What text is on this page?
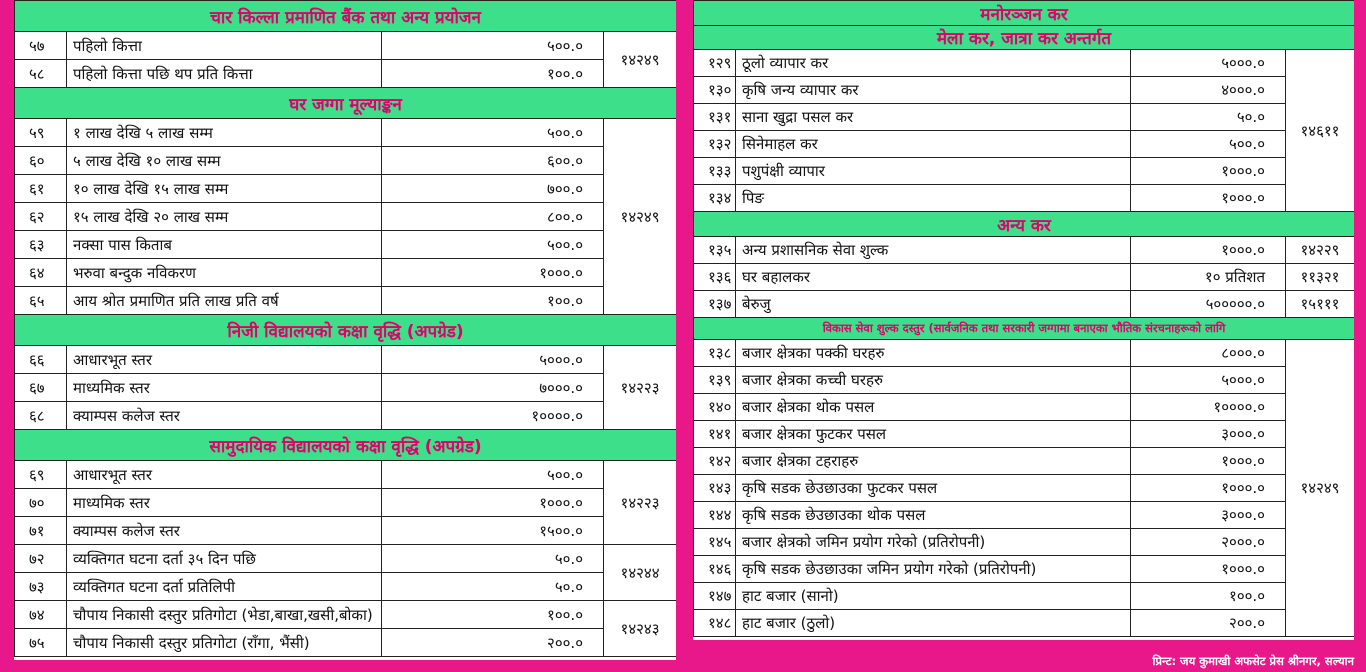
चार किल्ला प्रमाणित बैंक तथा अन्य प्रयोजन			
५७	पहिलो कित्ता	५००.०	१४२४९
५८	पहिलो कित्ता पछि थप प्रति कित्ता	१००.०	
घर जग्गा मूल्याङ्कन			
५९	१ लाख देखि ५ लाख सम्म	५००.०	१४२४९
६०	५ लाख देखि १० लाख सम्म	६००.०	
६१	१० लाख देखि १५ लाख सम्म	७००.०	
६२	१५ लाख देखि २० लाख सम्म	८००.०	
६३	नक्सा पास किताब	५००.०	
६४	भरुवा बन्दुक नविकरण	१०००.०	
६५	आय श्रोत प्रमाणित प्रति लाख प्रति वर्ष	१००.०	
निजी विद्यालयको कक्षा वृद्धि (अपग्रेड)			
६६	आधारभूत स्तर	५०००.०	१४२२३
६७	माध्यमिक स्तर	७०००.०	
६८	क्याम्पस कलेज स्तर	१००००.०	
सामुदायिक विद्यालयको कक्षा वृद्धि (अपग्रेड)			
६९	आधारभूत स्तर	५००.०	१४२२३
७०	माध्यमिक स्तर	१०००.०	
७१	क्याम्पस कलेज स्तर	१५००.०	
७२	व्यक्तिगत घटना दर्ता ३५ दिन पछि	५०.०	१४२४४
७३	व्यक्तिगत घटना दर्ता प्रतिलिपी	५०.०	
७४	चौपाय निकासी दस्तुर प्रतिगोटा (भेडा,बाखा,खसी,बोका)	१००.०	१४२४३
७५	चौपाय निकासी दस्तुर प्रतिगोटा (राँगा, भैंसी)	२००.०	
मनोरञ्जन कर			
मेला कर, जात्रा कर अन्तर्गत			
१२९	ठूलो व्यापार कर	५०००.०	१४६११
१३०	कृषि जन्य व्यापार कर	४०००.०	
१३१	साना खुद्रा पसल कर	५०.०	
१३२	सिनेमाहल कर	५००.०	
१३३	पशुपंक्षी व्यापार	१०००.०	
१३४	पिङ	१०००.०	
अन्य कर			
१३५	अन्य प्रशासनिक सेवा शुल्क	१०००.०	१४२२९
१३६	घर बहालकर	१० प्रतिशत	११३२१
१३७	बेरुजु	५०००००.०	१५१११
विकास सेवा शुल्क दस्तुर (सार्वजनिक तथा सरकारी जग्गामा बनाएका भौतिक संरचनाहरूको लागि			
१३८	बजार क्षेत्रका पक्की घरहरु	८०००.०	१४२४९
१३९	बजार क्षेत्रका कच्ची घरहरु	५०००.०	
१४०	बजार क्षेत्रका थोक पसल	१००००.०	
१४१	बजार क्षेत्रका फुटकर पसल	३०००.०	
१४२	बजार क्षेत्रका टहराहरु	१०००.०	
१४३	कृषि सडक छेउछाउका फुटकर पसल	१०००.०	
१४४	कृषि सडक छेउछाउका थोक पसल	३०००.०	
१४५	बजार क्षेत्रको जमिन प्रयोग गरेको (प्रतिरोपनी)	२०००.०	
१४६	कृषि सडक छेउछाउका जमिन प्रयोग गरेको (प्रतिरोपनी)	१०००.०	
१४७	हाट बजार (सानो)	१००.०	
१४८	हाट बजार (ठुलो)	२००.०	
प्रिन्ट: जय कुमाखी अफसेट प्रेस श्रीनगर, सल्यान
